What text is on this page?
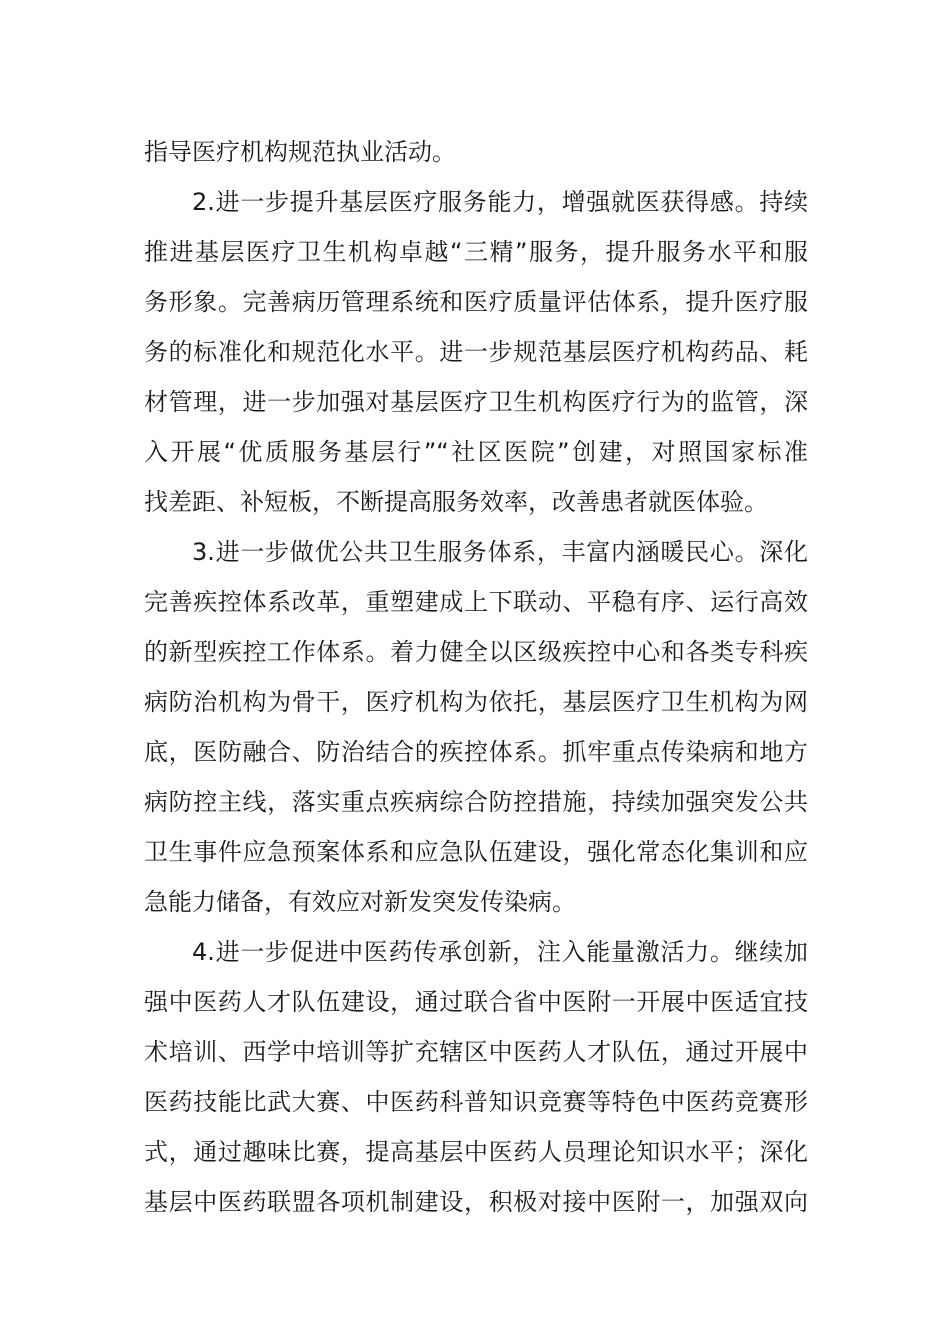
指导医疗机构规范执业活动。
2.进一步提升基层医疗服务能力，增强就医获得感。持续
推进基层医疗卫生机构卓越“三精”服务，提升服务水平和服
务形象。完善病历管理系统和医疗质量评估体系，提升医疗服
务的标准化和规范化水平。进一步规范基层医疗机构药品、耗
材管理，进一步加强对基层医疗卫生机构医疗行为的监管，深
入开展“优质服务基层行”“社区医院”创建，对照国家标准
找差距、补短板，不断提高服务效率，改善患者就医体验。
3.进一步做优公共卫生服务体系，丰富内涵暖民心。深化
完善疾控体系改革，重塑建成上下联动、平稳有序、运行高效
的新型疾控工作体系。着力健全以区级疾控中心和各类专科疾
病防治机构为骨干，医疗机构为依托，基层医疗卫生机构为网
底，医防融合、防治结合的疾控体系。抓牢重点传染病和地方
病防控主线，落实重点疾病综合防控措施，持续加强突发公共
卫生事件应急预案体系和应急队伍建设，强化常态化集训和应
急能力储备，有效应对新发突发传染病。
4.进一步促进中医药传承创新，注入能量激活力。继续加
强中医药人才队伍建设，通过联合省中医附一开展中医适宜技
术培训、西学中培训等扩充辖区中医药人才队伍，通过开展中
医药技能比武大赛、中医药科普知识竞赛等特色中医药竞赛形
式，通过趣味比赛，提高基层中医药人员理论知识水平；深化
基层中医药联盟各项机制建设，积极对接中医附一，加强双向
